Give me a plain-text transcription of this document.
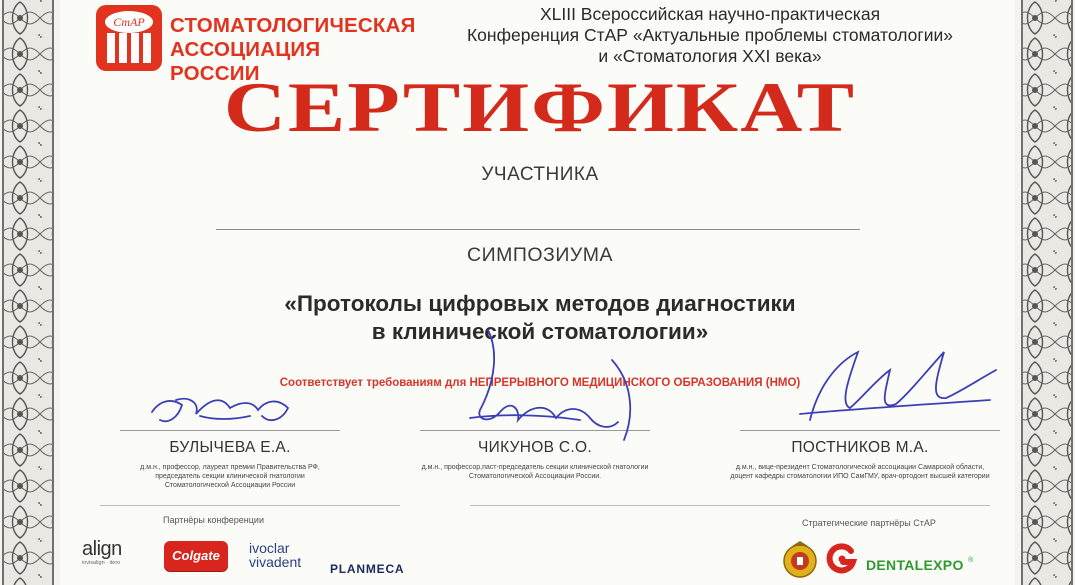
СтАР СТОМАТОЛОГИЧЕСКАЯ
АССОЦИАЦИЯ РОССИИ
XLIII Всероссийская научно-практическая
Конференция СтАР «Актуальные проблемы стоматологии»
и «Стоматология XXI века»
СЕРТИФИКАТ
УЧАСТНИКА
СИМПОЗИУМА
«Протоколы цифровых методов диагностики
в клинической стоматологии»
Соответствует требованиям для НЕПРЕРЫВНОГО МЕДИЦИНСКОГО ОБРАЗОВАНИЯ (НМО)
БУЛЫЧЕВА Е.А.
д.м.н., профессор, лауреат премии Правительства РФ,
председатель секции клинической гнатологии
Стоматологической Ассоциации России
ЧИКУНОВ С.О.
д.м.н., профессор,паст-председатель секции клинической гнатологии
Стоматологической Ассоциации России.
ПОСТНИКОВ М.А.
д.м.н., вице-президент Стоматологической ассоциации Самарской области,
доцент кафедры стоматологии ИПО СамГМУ, врач-ортодонт высшей категории
Партнёры конференции	Стратегические партнёры СтАР
align
invisalign · itero	Colgate	ivoclar
vivadent PLANMECA	DENTALEXPO ®
